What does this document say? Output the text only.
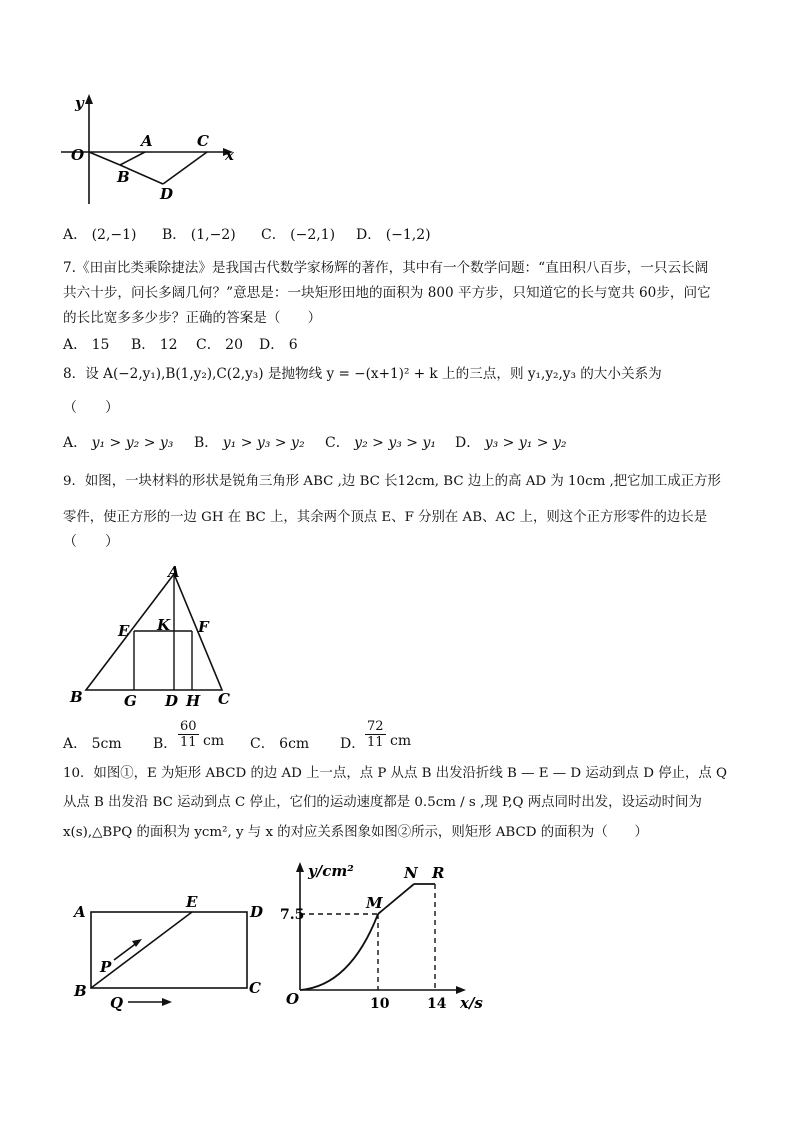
y
O	x
A
B
C
D
A． (2,−1) B． (1,−2) C． (−2,1) D． (−1,2)
7.《田亩比类乘除捷法》是我国古代数学家杨辉的著作，其中有一个数学问题：“直田积八百步，一只云长阔
共六十步，问长多阔几何？”意思是：一块矩形田地的面积为 800 平方步，只知道它的长与宽共 60步，问它
的长比宽多多少步？正确的答案是（　　）
A． 15 B． 12 C． 20 D． 6
8．设 A(−2,y₁),B(1,y₂),C(2,y₃) 是抛物线 y = −(x+1)² + k 上的三点，则 y₁,y₂,y₃ 的大小关系为
（　　）
A． y₁ > y₂ > y₃ B． y₁ > y₃ > y₂ C． y₂ > y₃ > y₁ D． y₃ > y₁ > y₂
9．如图，一块材料的形状是锐角三角形 ABC ,边 BC 长12cm, BC 边上的高 AD 为 10cm ,把它加工成正方形
零件，使正方形的一边 GH 在 BC 上，其余两个顶点 E、F 分别在 AB、AC 上，则这个正方形零件的边长是
（　　）
A
E K F
B	G D H C
A． 5cm B． $\frac{60}{11}$ cm C． 6cm D． $\frac{72}{11}$ cm
10．如图①，E 为矩形 ABCD 的边 AD 上一点，点 P 从点 B 出发沿折线 B — E — D 运动到点 D 停止，点 Q
从点 B 出发沿 BC 运动到点 C 停止，它们的运动速度都是 0.5cm / s ,现 P,Q 两点同时出发，设运动时间为
x(s),△BPQ 的面积为 ycm², y 与 x 的对应关系图象如图②所示，则矩形 ABCD 的面积为（　　）
A
E
D
P
B	C
Q
y/cm²
7.5
M
N R
O	10	14 x/s
